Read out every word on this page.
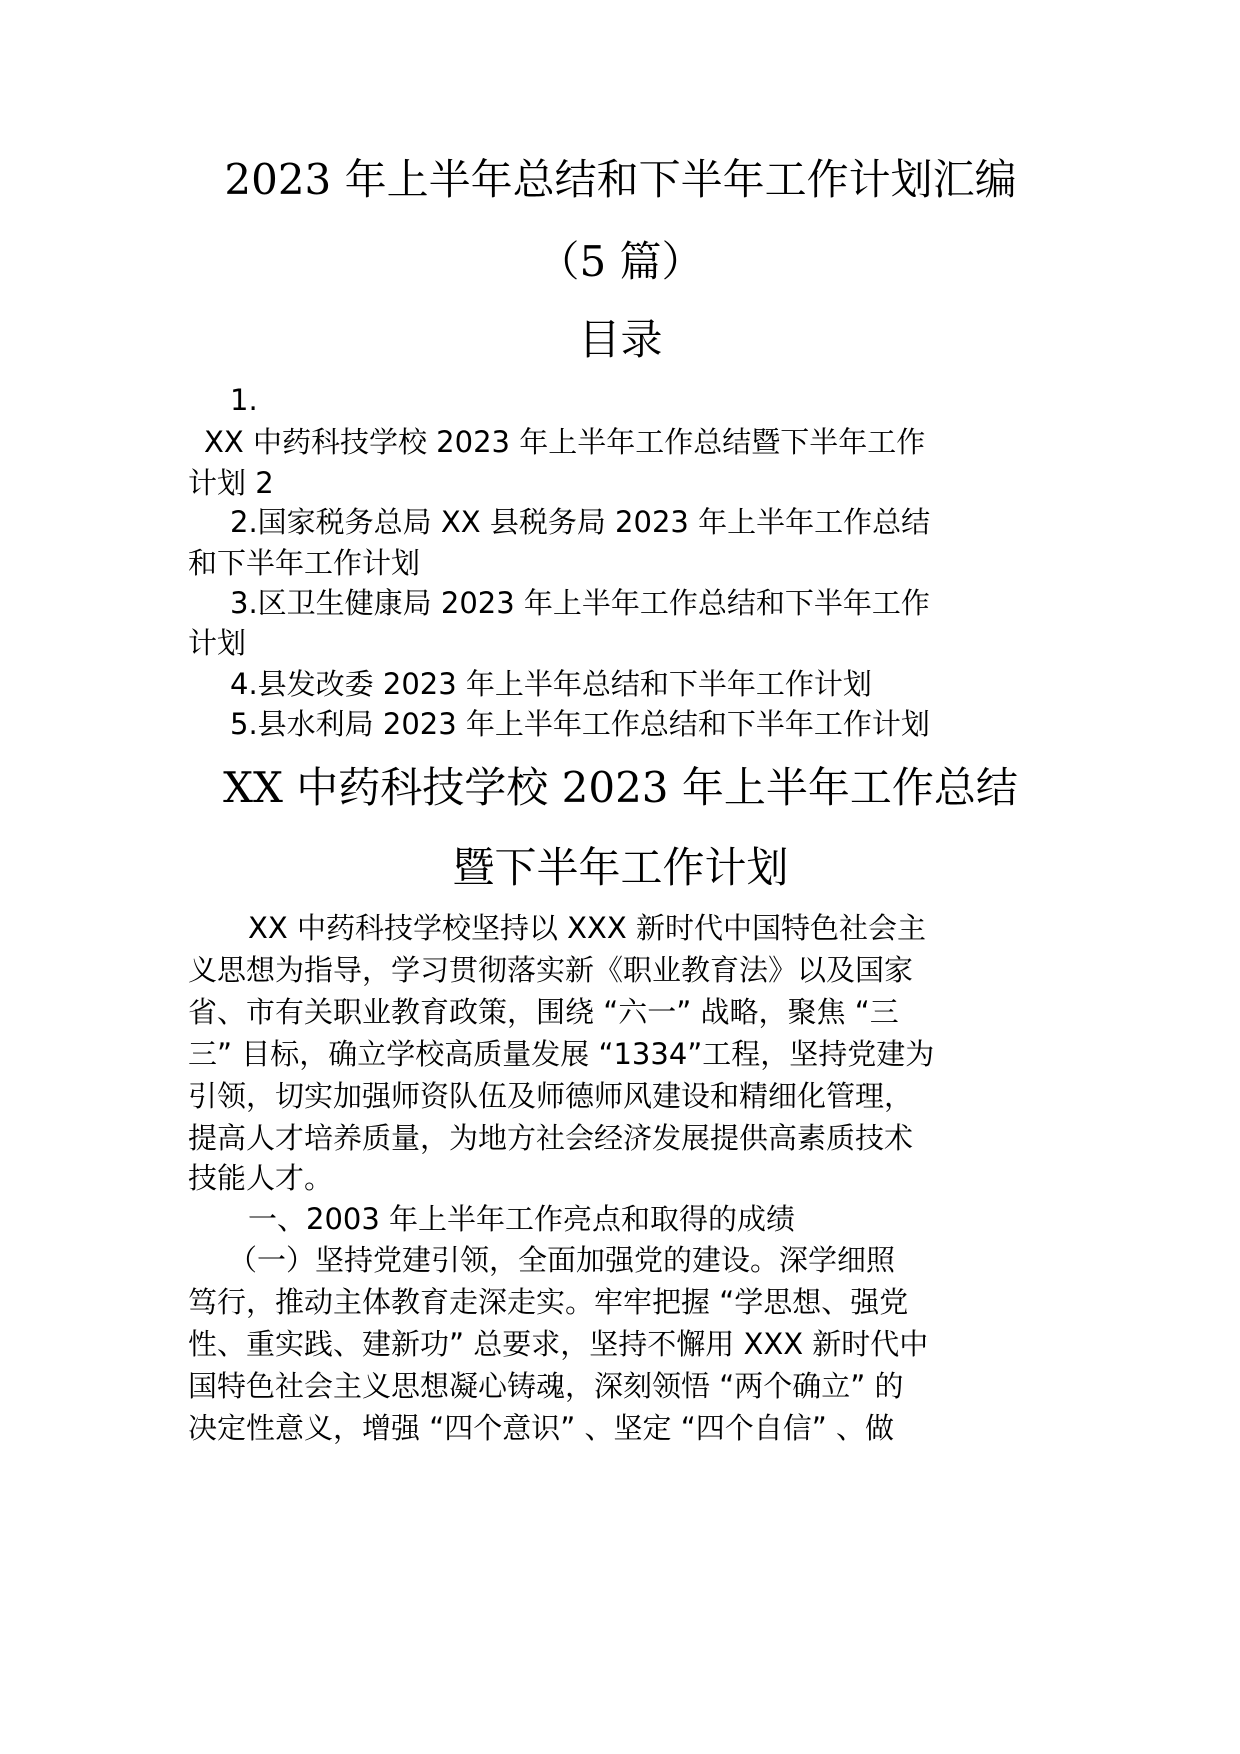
2023 年上半年总结和下半年工作计划汇编
（5 篇）
目录
1.
XX 中药科技学校 2023 年上半年工作总结暨下半年工作
计划 2
2.国家税务总局 XX 县税务局 2023 年上半年工作总结
和下半年工作计划
3.区卫生健康局 2023 年上半年工作总结和下半年工作
计划
4.县发改委 2023 年上半年总结和下半年工作计划
5.县水利局 2023 年上半年工作总结和下半年工作计划
XX 中药科技学校 2023 年上半年工作总结
暨下半年工作计划
XX 中药科技学校坚持以 XXX 新时代中国特色社会主
义思想为指导，学习贯彻落实新《职业教育法》以及国家
省、市有关职业教育政策，围绕 “六一” 战略，聚焦 “三
三” 目标，确立学校高质量发展 “1334”工程，坚持党建为
引领，切实加强师资队伍及师德师风建设和精细化管理，
提高人才培养质量，为地方社会经济发展提供高素质技术
技能人才。
一、2003 年上半年工作亮点和取得的成绩
（一）坚持党建引领，全面加强党的建设。深学细照
笃行，推动主体教育走深走实。牢牢把握 “学思想、强党
性、重实践、建新功” 总要求，坚持不懈用 XXX 新时代中
国特色社会主义思想凝心铸魂，深刻领悟 “两个确立” 的
决定性意义，增强 “四个意识” 、坚定 “四个自信” 、做
